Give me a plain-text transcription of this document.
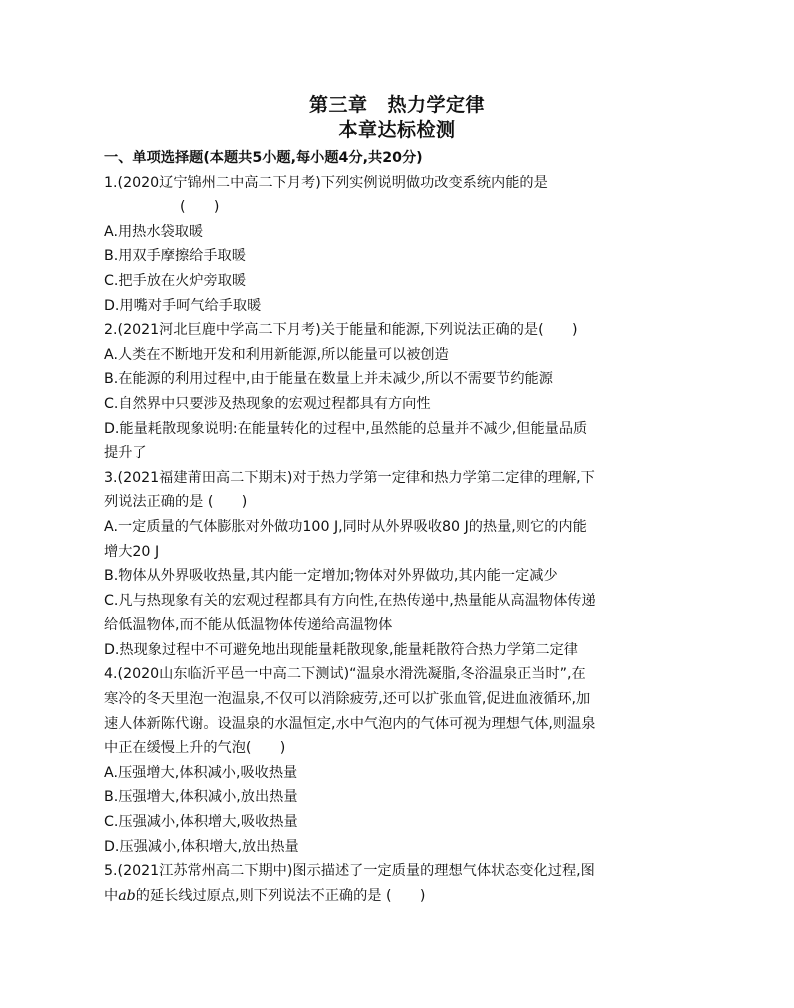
第三章 热力学定律
本章达标检测
一、单项选择题(本题共5小题,每小题4分,共20分)
1.(2020辽宁锦州二中高二下月考)下列实例说明做功改变系统内能的是
(　　)
A.用热水袋取暖
B.用双手摩擦给手取暖
C.把手放在火炉旁取暖
D.用嘴对手呵气给手取暖
2.(2021河北巨鹿中学高二下月考)关于能量和能源,下列说法正确的是(　　)
A.人类在不断地开发和利用新能源,所以能量可以被创造
B.在能源的利用过程中,由于能量在数量上并未减少,所以不需要节约能源
C.自然界中只要涉及热现象的宏观过程都具有方向性
D.能量耗散现象说明:在能量转化的过程中,虽然能的总量并不减少,但能量品质
提升了
3.(2021福建莆田高二下期末)对于热力学第一定律和热力学第二定律的理解,下
列说法正确的是 (　　)
A.一定质量的气体膨胀对外做功100 J,同时从外界吸收80 J的热量,则它的内能
增大20 J
B.物体从外界吸收热量,其内能一定增加;物体对外界做功,其内能一定减少
C.凡与热现象有关的宏观过程都具有方向性,在热传递中,热量能从高温物体传递
给低温物体,而不能从低温物体传递给高温物体
D.热现象过程中不可避免地出现能量耗散现象,能量耗散符合热力学第二定律
4.(2020山东临沂平邑一中高二下测试)“温泉水滑洗凝脂,冬浴温泉正当时”,在
寒冷的冬天里泡一泡温泉,不仅可以消除疲劳,还可以扩张血管,促进血液循环,加
速人体新陈代谢。设温泉的水温恒定,水中气泡内的气体可视为理想气体,则温泉
中正在缓慢上升的气泡(　　)
A.压强增大,体积减小,吸收热量
B.压强增大,体积减小,放出热量
C.压强减小,体积增大,吸收热量
D.压强减小,体积增大,放出热量
5.(2021江苏常州高二下期中)图示描述了一定质量的理想气体状态变化过程,图
中ab的延长线过原点,则下列说法不正确的是 (　　)
